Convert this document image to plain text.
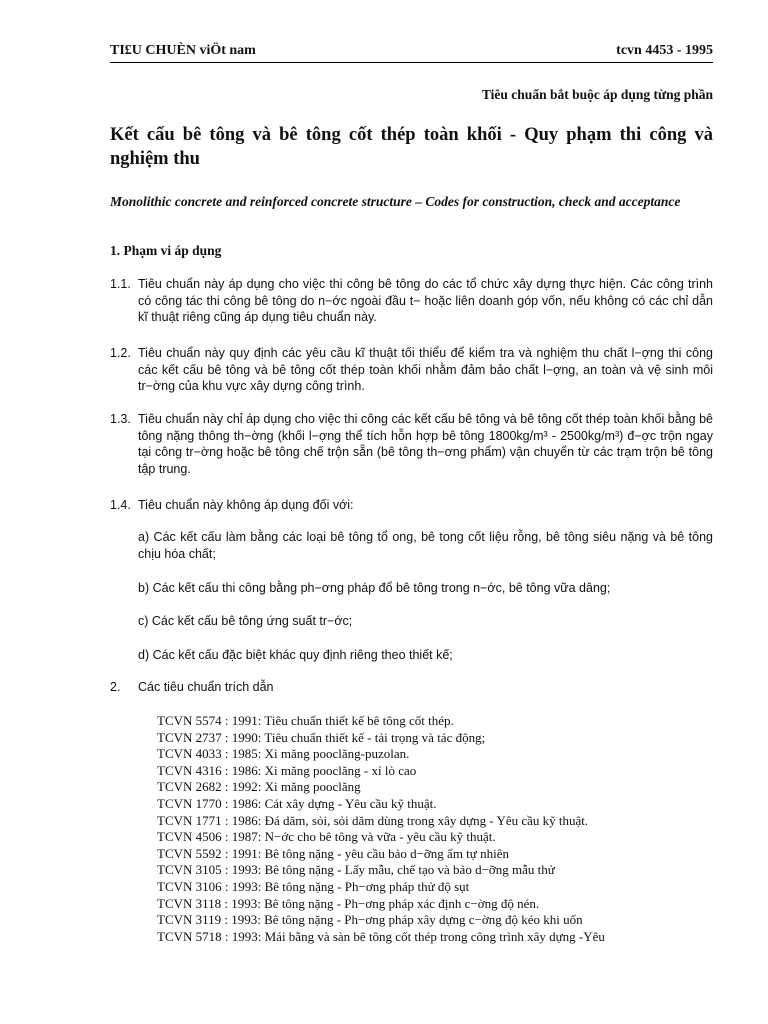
TI£U CHUÈN viÖt nam	tcvn 4453 - 1995
Tiêu chuẩn bắt buộc áp dụng từng phần
Kết cấu bê tông và bê tông cốt thép toàn khối - Quy phạm thi công và nghiệm thu
Monolithic concrete and reinforced concrete structure – Codes for construction, check and acceptance
1. Phạm vi áp dụng
1.1. Tiêu chuẩn này áp dụng cho việc thi công bê tông do các tổ chức xây dựng thực hiện. Các công trình có công tác thi công bê tông do n−ớc ngoài đầu t− hoặc liên doanh góp vốn, nếu không có các chỉ dẫn kĩ thuật riêng cũng áp dụng tiêu chuẩn này.
1.2. Tiêu chuẩn này quy định các yêu cầu kĩ thuật tối thiểu để kiểm tra và nghiệm thu chất l−ợng thi công các kết cấu bê tông và bê tông cốt thép toàn khối nhằm đảm bảo chất l−ợng, an toàn và vệ sinh môi tr−ờng của khu vực xây dựng công trình.
1.3. Tiêu chuẩn này chỉ áp dụng cho việc thi công các kết cấu bê tông và bê tông cốt thép toàn khối bằng bê tông nặng thông th−ờng (khối l−ợng thể tích hỗn hợp bê tông 1800kg/m³ - 2500kg/m³) đ−ợc trộn ngay tại công tr−ờng hoặc bê tông chế trộn sẵn (bê tông th−ơng phẩm) vận chuyển từ các trạm trộn bê tông tập trung.
1.4. Tiêu chuẩn này không áp dụng đối với:
a) Các kết cấu làm bằng các loại bê tông tổ ong, bê tong cốt liệu rỗng, bê tông siêu nặng và bê tông chịu hóa chất;
b) Các kết cấu thi công bằng ph−ơng pháp đổ bê tông trong n−ớc, bê tông vữa dâng;
c) Các kết cấu bê tông ứng suất tr−ớc;
d) Các kết cấu đặc biệt khác quy định riêng theo thiết kế;
2. Các tiêu chuẩn trích dẫn
TCVN 5574 : 1991: Tiêu chuẩn thiết kế bê tông cốt thép.
TCVN 2737 : 1990: Tiêu chuẩn thiết kế - tải trọng và tác động;
TCVN 4033 : 1985: Xi măng pooclăng-puzolan.
TCVN 4316 : 1986: Xi măng pooclăng - xỉ lò cao
TCVN 2682 : 1992: Xi măng pooclăng
TCVN 1770 : 1986: Cát xây dựng - Yêu cầu kỹ thuật.
TCVN 1771 : 1986: Đá dăm, sỏi, sỏi dăm dùng trong xây dựng - Yêu cầu kỹ thuật.
TCVN 4506 : 1987: N−ớc cho bê tông và vữa - yêu cầu kỹ thuật.
TCVN 5592 : 1991: Bê tông nặng - yêu cầu bảo d−ỡng ẩm tự nhiên
TCVN 3105 : 1993: Bê tông nặng - Lấy mẫu, chế tạo và bảo d−ỡng mẫu thử
TCVN 3106 : 1993: Bê tông nặng - Ph−ơng pháp thử độ sụt
TCVN 3118 : 1993: Bê tông nặng - Ph−ơng pháp xác định c−ờng độ nén.
TCVN 3119 : 1993: Bê tông nặng - Ph−ơng pháp xây dựng c−ờng độ kéo khi uốn
TCVN 5718 : 1993: Mái bằng và sàn bê tông cốt thép trong công trình xây dựng -Yêu
